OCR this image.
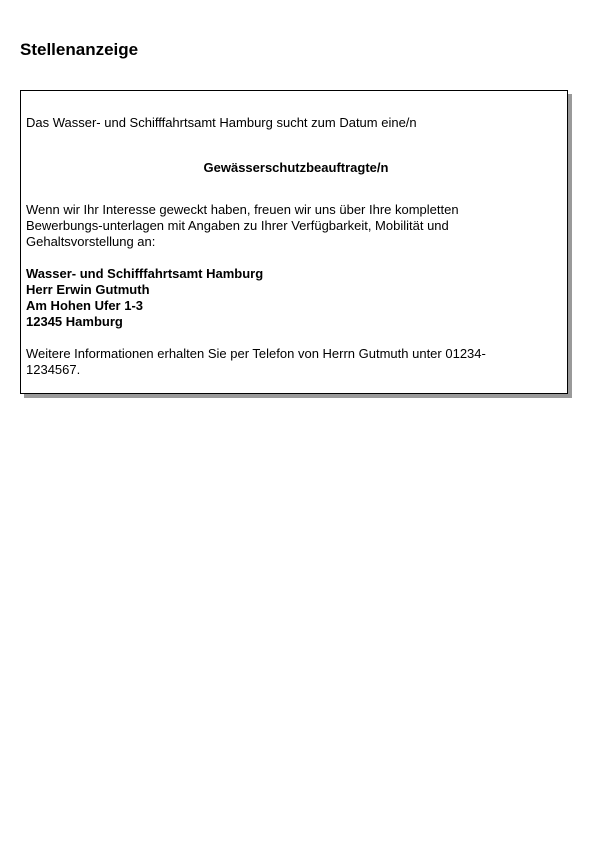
Stellenanzeige

Das Wasser- und Schifffahrtsamt Hamburg sucht zum Datum eine/n

Gewässerschutzbeauftragte/n

Wenn wir Ihr Interesse geweckt haben, freuen wir uns über Ihre kompletten
Bewerbungs-unterlagen mit Angaben zu Ihrer Verfügbarkeit, Mobilität und
Gehaltsvorstellung an:

Wasser- und Schifffahrtsamt Hamburg
Herr Erwin Gutmuth
Am Hohen Ufer 1-3
12345 Hamburg

Weitere Informationen erhalten Sie per Telefon von Herrn Gutmuth unter 01234-
1234567.
